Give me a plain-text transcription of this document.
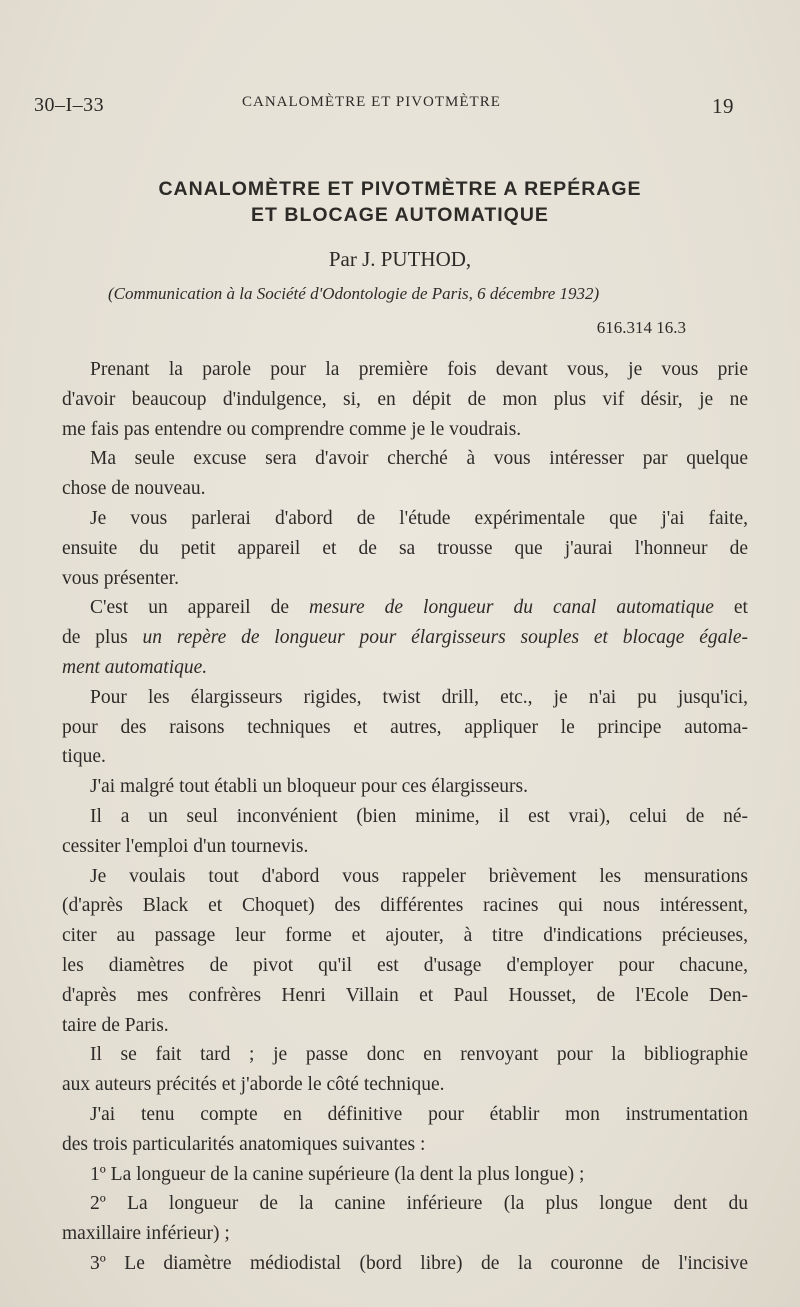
30–I–33	CANALOMÈTRE ET PIVOTMÈTRE	19
CANALOMÈTRE ET PIVOTMÈTRE A REPÉRAGE
ET BLOCAGE AUTOMATIQUE
Par J. PUTHOD,
(Communication à la Société d'Odontologie de Paris, 6 décembre 1932)
616.314 16.3

Prenant la parole pour la première fois devant vous, je vous prie
d'avoir beaucoup d'indulgence, si, en dépit de mon plus vif désir, je ne
me fais pas entendre ou comprendre comme je le voudrais.

Ma seule excuse sera d'avoir cherché à vous intéresser par quelque
chose de nouveau.

Je vous parlerai d'abord de l'étude expérimentale que j'ai faite,
ensuite du petit appareil et de sa trousse que j'aurai l'honneur de
vous présenter.

C'est un appareil de mesure de longueur du canal automatique et
de plus un repère de longueur pour élargisseurs souples et blocage égale-
ment automatique.

Pour les élargisseurs rigides, twist drill, etc., je n'ai pu jusqu'ici,
pour des raisons techniques et autres, appliquer le principe automa-
tique.

J'ai malgré tout établi un bloqueur pour ces élargisseurs.

Il a un seul inconvénient (bien minime, il est vrai), celui de né-
cessiter l'emploi d'un tournevis.

Je voulais tout d'abord vous rappeler brièvement les mensurations
(d'après Black et Choquet) des différentes racines qui nous intéressent,
citer au passage leur forme et ajouter, à titre d'indications précieuses,
les diamètres de pivot qu'il est d'usage d'employer pour chacune,
d'après mes confrères Henri Villain et Paul Housset, de l'Ecole Den-
taire de Paris.

Il se fait tard ; je passe donc en renvoyant pour la bibliographie
aux auteurs précités et j'aborde le côté technique.

J'ai tenu compte en définitive pour établir mon instrumentation
des trois particularités anatomiques suivantes :

1º La longueur de la canine supérieure (la dent la plus longue) ;

2º La longueur de la canine inférieure (la plus longue dent du
maxillaire inférieur) ;

3º Le diamètre médiodistal (bord libre) de la couronne de l'incisive
